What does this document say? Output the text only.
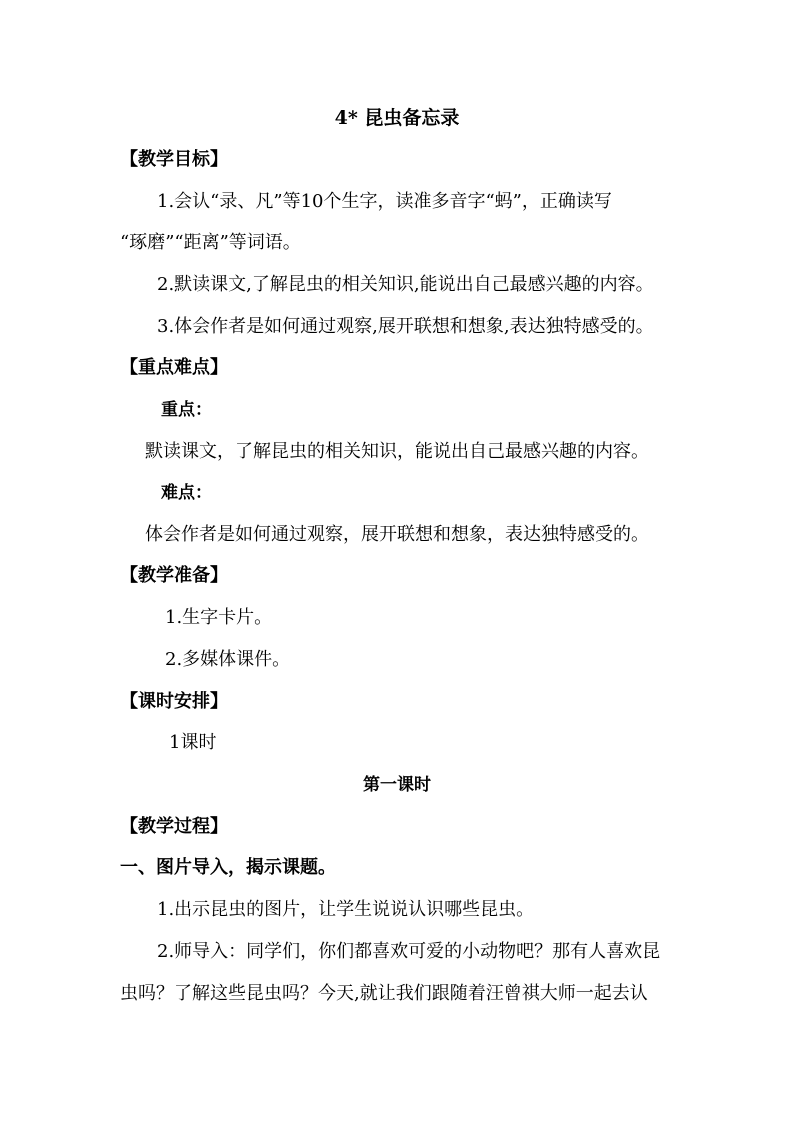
4* 昆虫备忘录
【教学目标】
1.会认“录、凡”等10个生字，读准多音字“蚂”，正确读写
“琢磨”“距离”等词语。
2.默读课文,了解昆虫的相关知识,能说出自己最感兴趣的内容。
3.体会作者是如何通过观察,展开联想和想象,表达独特感受的。
【重点难点】
重点：
默读课文，了解昆虫的相关知识，能说出自己最感兴趣的内容。
难点：
体会作者是如何通过观察，展开联想和想象，表达独特感受的。
【教学准备】
1.生字卡片。
2.多媒体课件。
【课时安排】
1课时
第一课时
【教学过程】
一、图片导入，揭示课题。
1.出示昆虫的图片，让学生说说认识哪些昆虫。
2.师导入：同学们，你们都喜欢可爱的小动物吧？那有人喜欢昆
虫吗？了解这些昆虫吗？今天,就让我们跟随着汪曾祺大师一起去认
